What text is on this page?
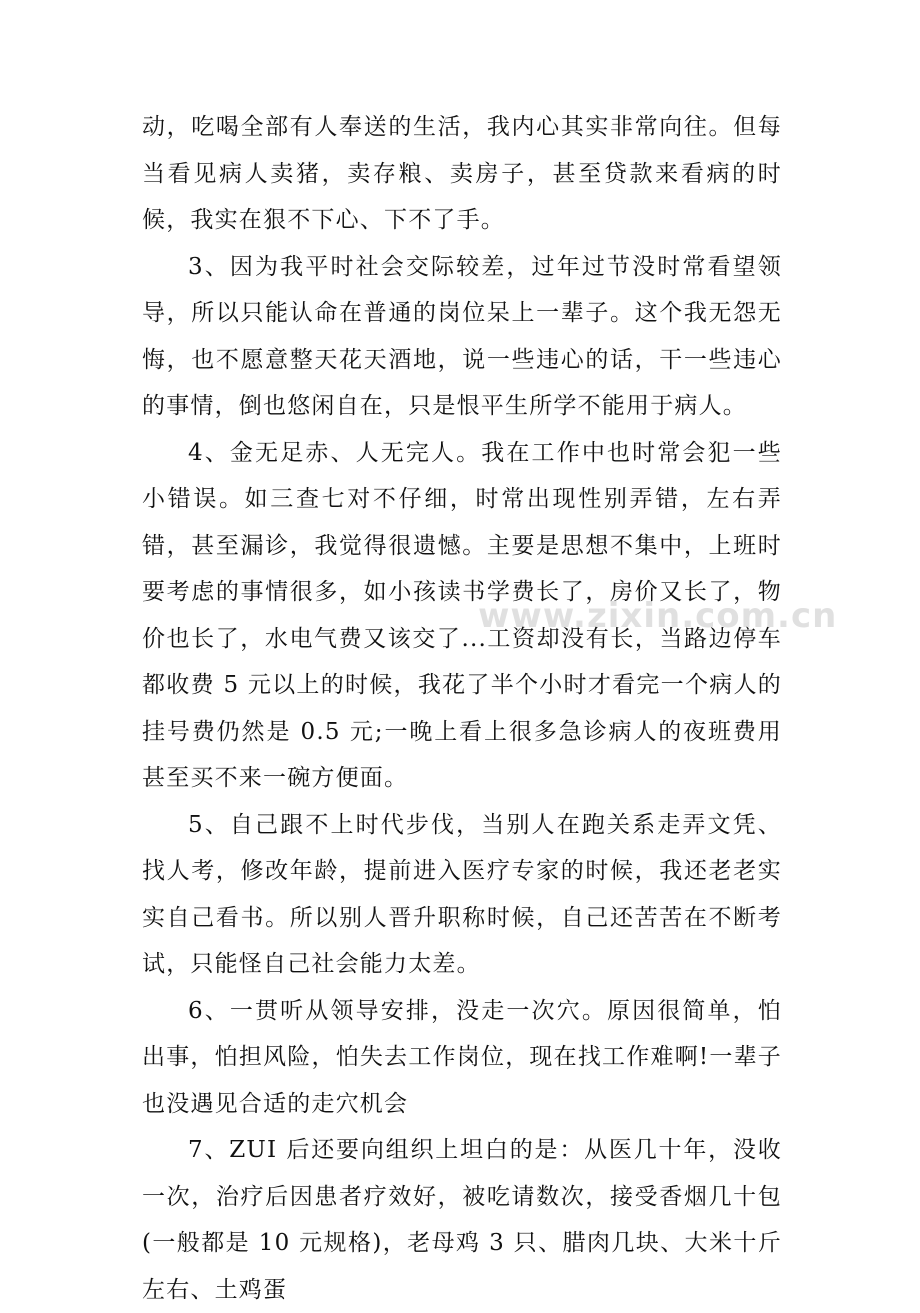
动，吃喝全部有人奉送的生活，我内心其实非常向往。但每当看见病人卖猪，卖存粮、卖房子，甚至贷款来看病的时候，我实在狠不下心、下不了手。

3、因为我平时社会交际较差，过年过节没时常看望领导，所以只能认命在普通的岗位呆上一辈子。这个我无怨无悔，也不愿意整天花天酒地，说一些违心的话，干一些违心的事情，倒也悠闲自在，只是恨平生所学不能用于病人。

4、金无足赤、人无完人。我在工作中也时常会犯一些小错误。如三查七对不仔细，时常出现性别弄错，左右弄错，甚至漏诊，我觉得很遗憾。主要是思想不集中，上班时要考虑的事情很多，如小孩读书学费长了，房价又长了，物价也长了，水电气费又该交了...工资却没有长，当路边停车都收费 5 元以上的时候，我花了半个小时才看完一个病人的挂号费仍然是 0.5 元;一晚上看上很多急诊病人的夜班费用甚至买不来一碗方便面。

5、自己跟不上时代步伐，当别人在跑关系走弄文凭、找人考，修改年龄，提前进入医疗专家的时候，我还老老实实自己看书。所以别人晋升职称时候，自己还苦苦在不断考试，只能怪自己社会能力太差。

6、一贯听从领导安排，没走一次穴。原因很简单，怕出事，怕担风险，怕失去工作岗位，现在找工作难啊!一辈子也没遇见合适的走穴机会

7、ZUI 后还要向组织上坦白的是：从医几十年，没收一次，治疗后因患者疗效好，被吃请数次，接受香烟几十包(一般都是 10 元规格)，老母鸡 3 只、腊肉几块、大米十斤左右、土鸡蛋

www.zixin.com.cn
